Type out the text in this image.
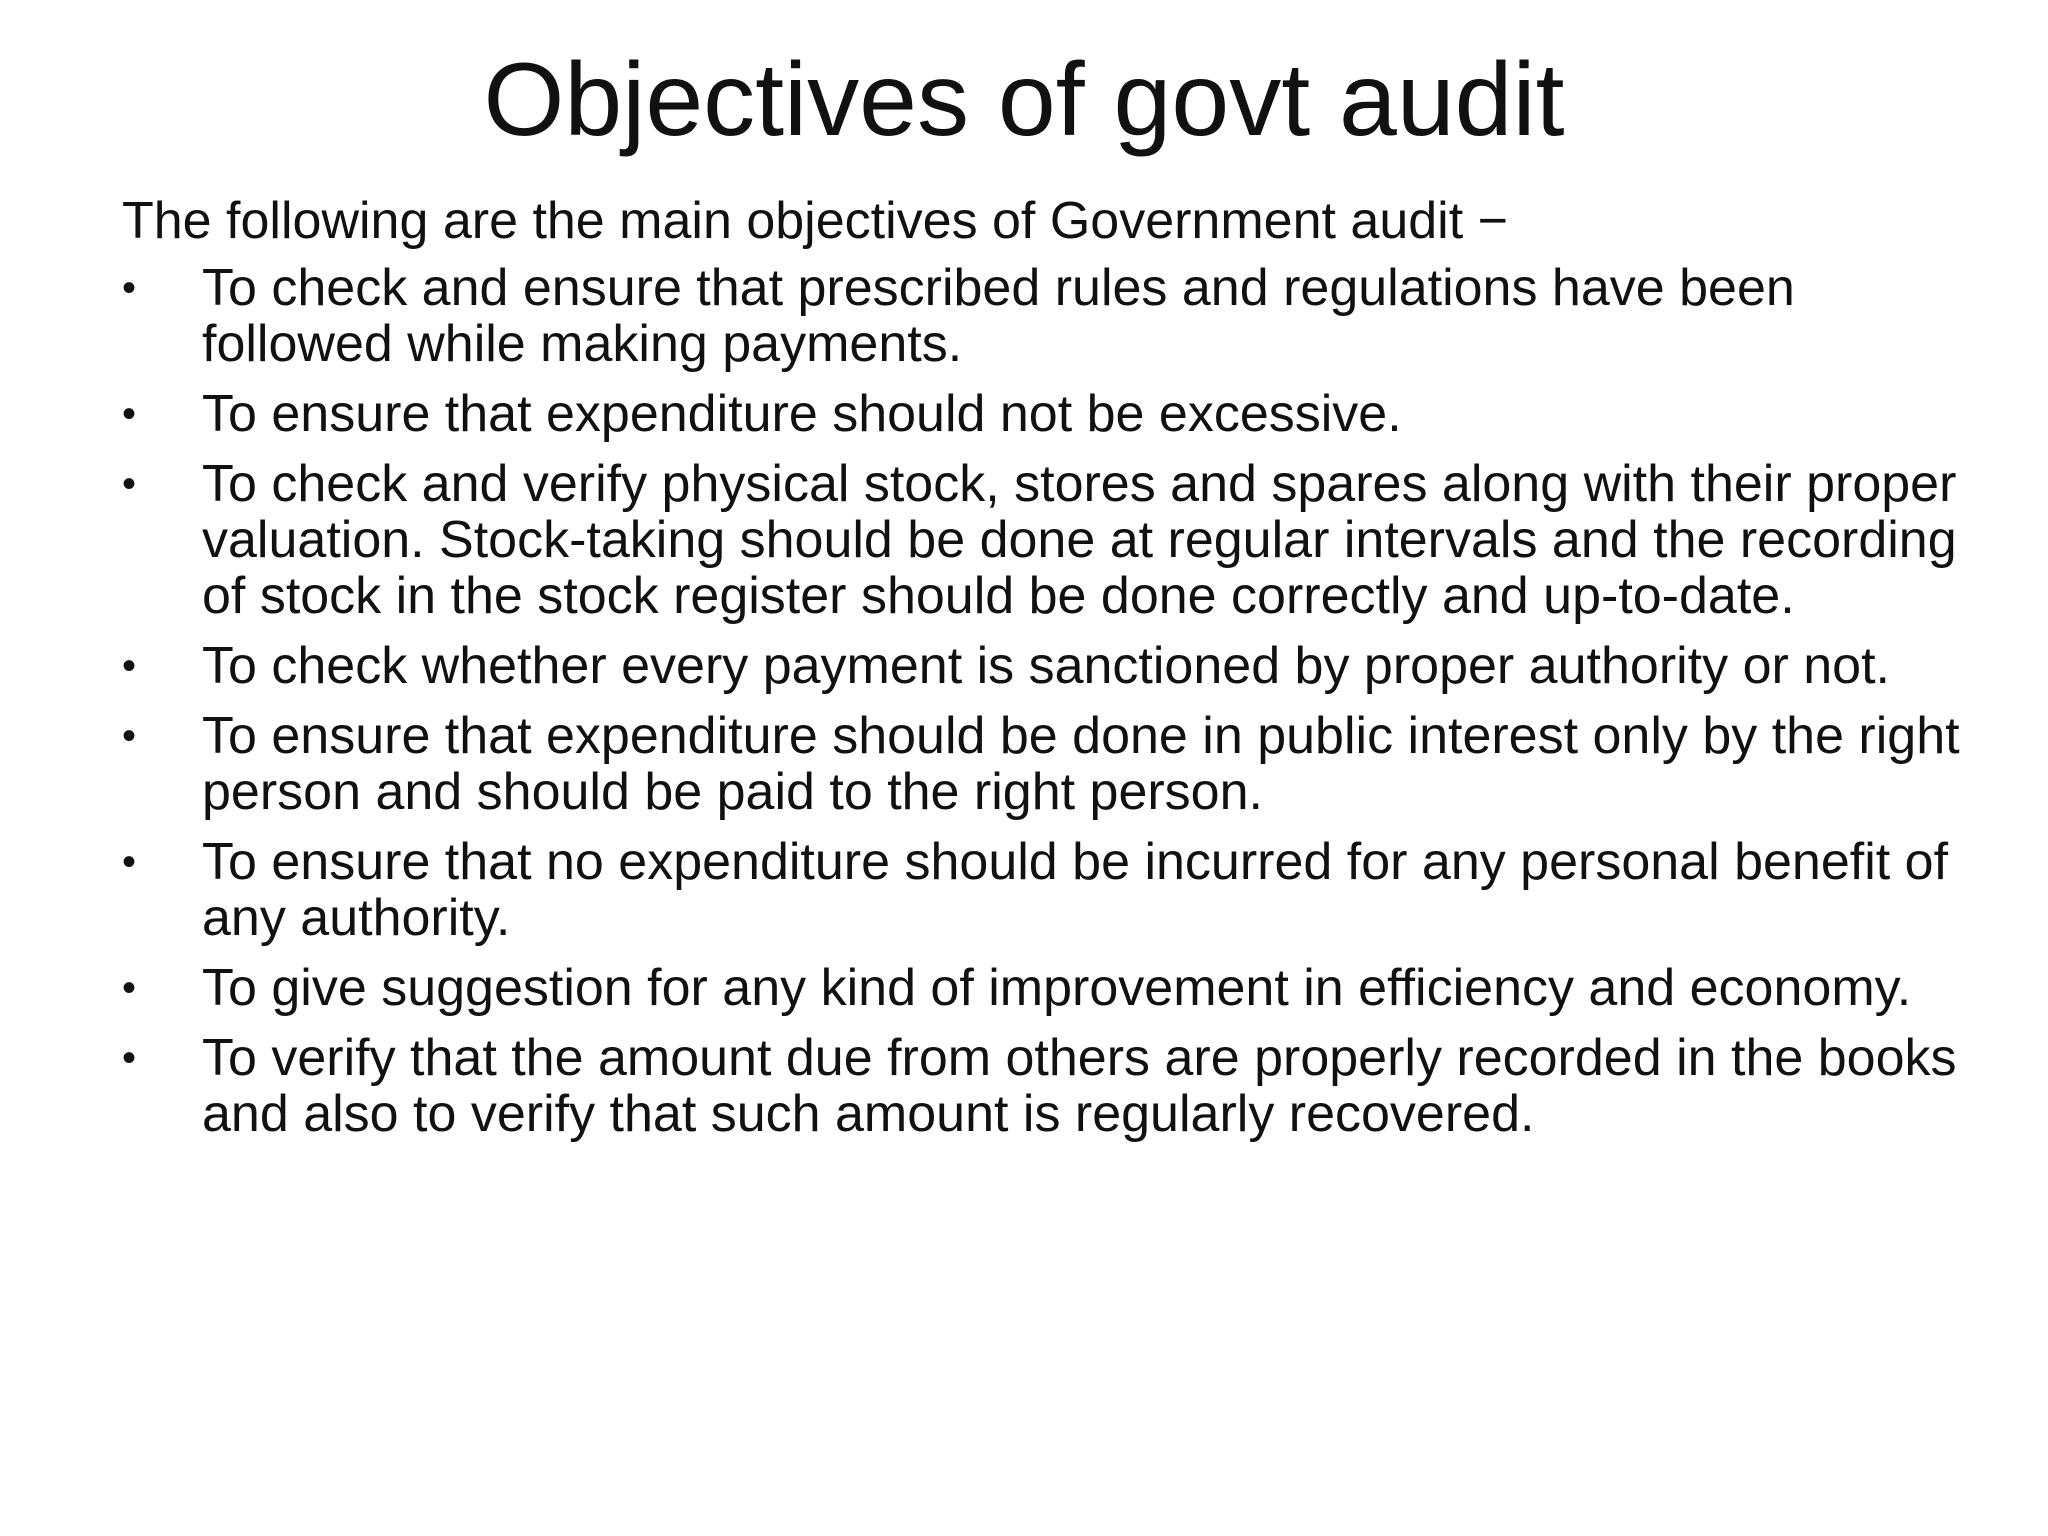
Objectives of govt audit

The following are the main objectives of Government audit −

•	To check and ensure that prescribed rules and regulations have been followed while making payments.
•	To ensure that expenditure should not be excessive.
•	To check and verify physical stock, stores and spares along with their proper valuation. Stock-taking should be done at regular intervals and the recording of stock in the stock register should be done correctly and up-to-date.
•	To check whether every payment is sanctioned by proper authority or not.
•	To ensure that expenditure should be done in public interest only by the right person and should be paid to the right person.
•	To ensure that no expenditure should be incurred for any personal benefit of any authority.
•	To give suggestion for any kind of improvement in efficiency and economy.
•	To verify that the amount due from others are properly recorded in the books and also to verify that such amount is regularly recovered.
